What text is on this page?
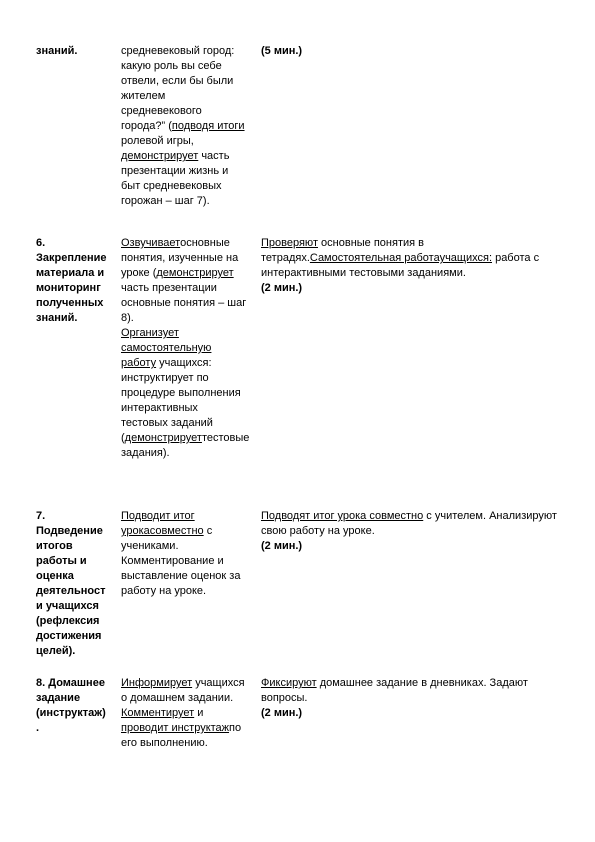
знаний.	средневековый город: какую роль вы себе отвели, если бы были жителем средневекового города?” (подводя итоги ролевой игры, демонстрирует часть презентации жизнь и быт средневековых горожан – шаг 7).

(5 мин.)

6.

Закрепление

материала и

мониторинг

полученных

знаний.

Озвучиваетосновные понятия, изученные на уроке (демонстрирует часть презентации основные понятия – шаг 8).

Организует самостоятельную работу учащихся: инструктирует по процедуре выполнения интерактивных тестовых заданий (демонстрируеттестовые задания).

Проверяют основные понятия в тетрадях.Самостоятельная работаучащихся: работа с интерактивными тестовыми заданиями.

(2 мин.)

7.

Подведение

итогов

работы и

оценка

деятельност

и учащихся

(рефлексия

достижения

целей).

Подводит итог урокасовместно с учениками. Комментирование и выставление оценок за работу на уроке.

Подводят итог урока совместно с учителем. Анализируют свою работу на уроке.

(2 мин.)

8. Домашнее

задание

(инструктаж)

.

Информирует учащихся о домашнем задании. Комментирует и проводит инструктажпо его выполнению.

Фиксируют домашнее задание в дневниках. Задают вопросы.

(2 мин.)
